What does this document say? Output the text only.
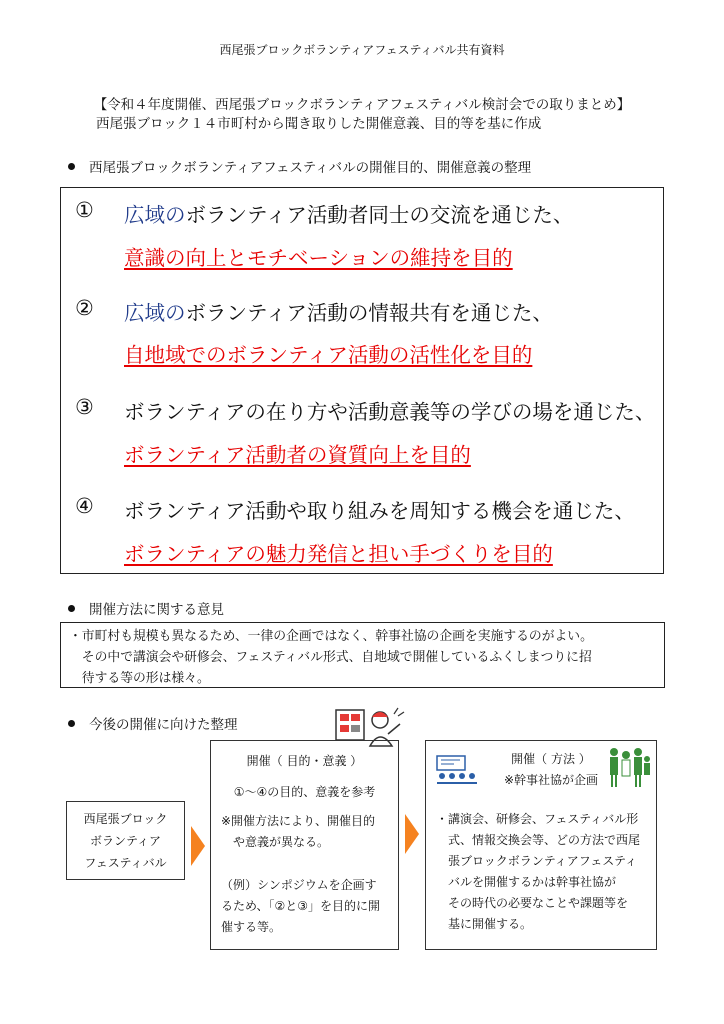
西尾張ブロックボランティアフェスティバル共有資料
【令和４年度開催、西尾張ブロックボランティアフェスティバル検討会での取りまとめ】
西尾張ブロック１４市町村から聞き取りした開催意義、目的等を基に作成
西尾張ブロックボランティアフェスティバルの開催目的、開催意義の整理
① 広域のボランティア活動者同士の交流を通じた、
意識の向上とモチベーションの維持を目的
② 広域のボランティア活動の情報共有を通じた、
自地域でのボランティア活動の活性化を目的
③ ボランティアの在り方や活動意義等の学びの場を通じた、
ボランティア活動者の資質向上を目的
④ ボランティア活動や取り組みを周知する機会を通じた、
ボランティアの魅力発信と担い手づくりを目的
開催方法に関する意見
・市町村も規模も異なるため、一律の企画ではなく、幹事社協の企画を実施するのがよい。
　その中で講演会や研修会、フェスティバル形式、自地域で開催しているふくしまつりに招
　待する等の形は様々。
今後の開催に向けた整理
西尾張ブロック
ボランティア
フェスティバル
開催（ 目的・意義 ）
①～④の目的、意義を参考
※開催方法により、開催目的
　や意義が異なる。
（例）シンポジウムを企画す
るため、「②と③」を目的に開
催する等。
開催（ 方法 ）
※幹事社協が企画
・講演会、研修会、フェスティバル形
　式、情報交換会等、どの方法で西尾
　張ブロックボランティアフェスティ
　バルを開催するかは幹事社協が
　その時代の必要なことや課題等を
　基に開催する。
